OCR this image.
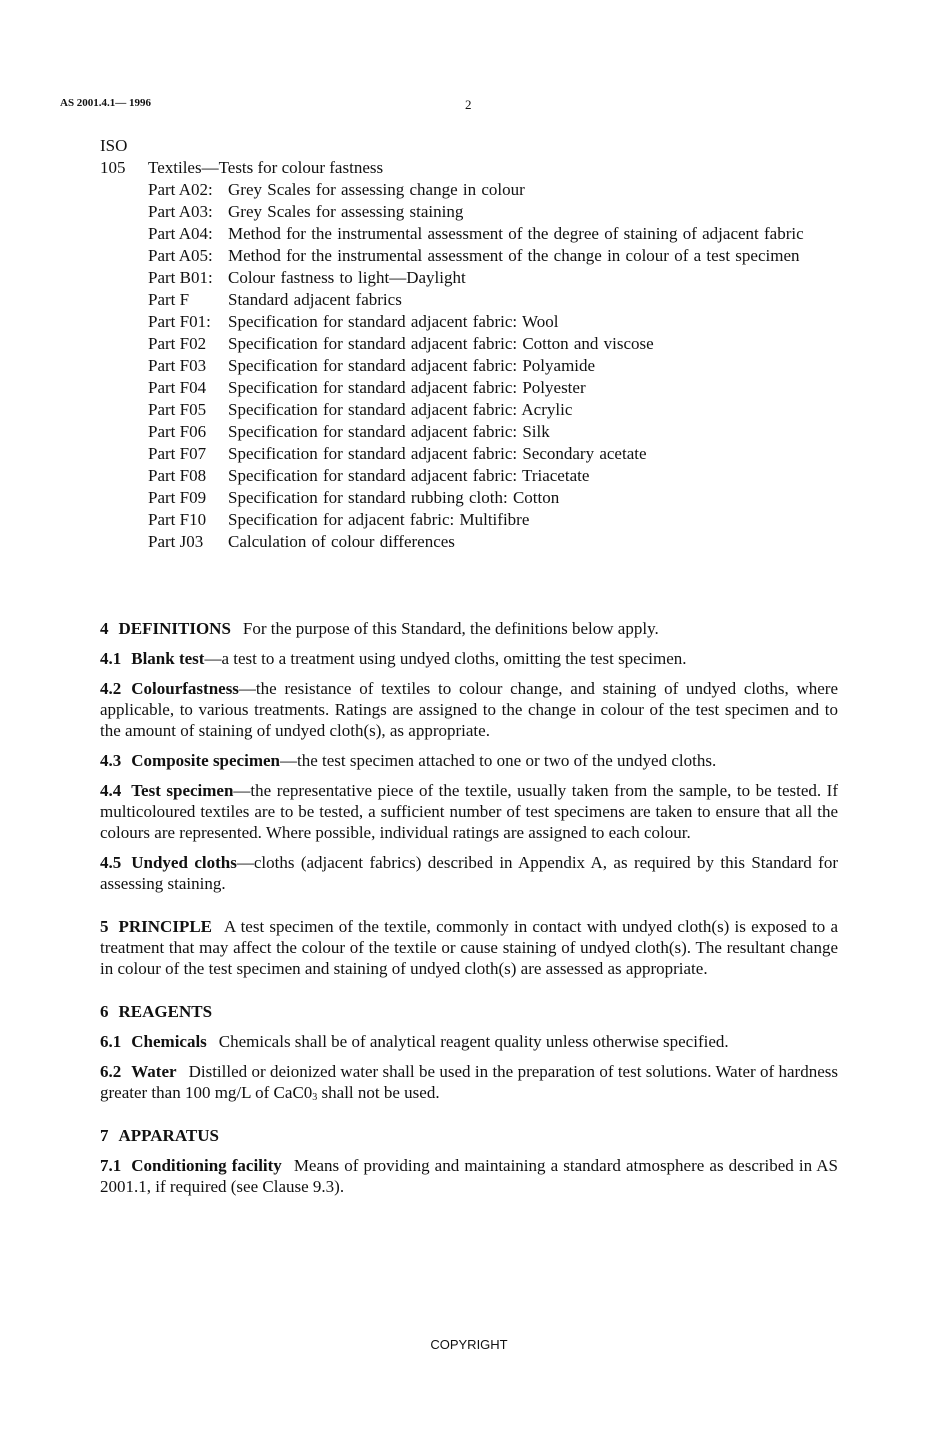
AS 2001.4.1— 1996	2
ISO
105	Textiles—Tests for colour fastness
Part A02: Grey Scales for assessing change in colour
Part A03: Grey Scales for assessing staining
Part A04: Method for the instrumental assessment of the degree of staining of adjacent fabric
Part A05: Method for the instrumental assessment of the change in colour of a test specimen
Part B01: Colour fastness to light—Daylight
Part F	Standard adjacent fabrics
Part F01:	Specification for standard adjacent fabric: Wool
Part F02	Specification for standard adjacent fabric: Cotton and viscose
Part F03	Specification for standard adjacent fabric: Polyamide
Part F04	Specification for standard adjacent fabric: Polyester
Part F05	Specification for standard adjacent fabric: Acrylic
Part F06	Specification for standard adjacent fabric: Silk
Part F07	Specification for standard adjacent fabric: Secondary acetate
Part F08	Specification for standard adjacent fabric: Triacetate
Part F09	Specification for standard rubbing cloth: Cotton
Part F10	Specification for adjacent fabric: Multifibre
Part J03	Calculation of colour differences

4 DEFINITIONS For the purpose of this Standard, the definitions below apply.

4.1 Blank test—a test to a treatment using undyed cloths, omitting the test specimen.

4.2 Colourfastness—the resistance of textiles to colour change, and staining of undyed cloths, where applicable, to various treatments. Ratings are assigned to the change in colour of the test specimen and to the amount of staining of undyed cloth(s), as appropriate.

4.3 Composite specimen—the test specimen attached to one or two of the undyed cloths.

4.4 Test specimen—the representative piece of the textile, usually taken from the sample, to be tested. If multicoloured textiles are to be tested, a sufficient number of test specimens are taken to ensure that all the colours are represented. Where possible, individual ratings are assigned to each colour.

4.5 Undyed cloths—cloths (adjacent fabrics) described in Appendix A, as required by this Standard for assessing staining.

5 PRINCIPLE A test specimen of the textile, commonly in contact with undyed cloth(s) is exposed to a treatment that may affect the colour of the textile or cause staining of undyed cloth(s). The resultant change in colour of the test specimen and staining of undyed cloth(s) are assessed as appropriate.

6 REAGENTS

6.1 Chemicals Chemicals shall be of analytical reagent quality unless otherwise specified.

6.2 Water Distilled or deionized water shall be used in the preparation of test solutions. Water of hardness greater than 100 mg/L of $CaC0_3$ shall not be used.

7 APPARATUS

7.1 Conditioning facility Means of providing and maintaining a standard atmosphere as described in AS 2001.1, if required (see Clause 9.3).

COPYRIGHT
